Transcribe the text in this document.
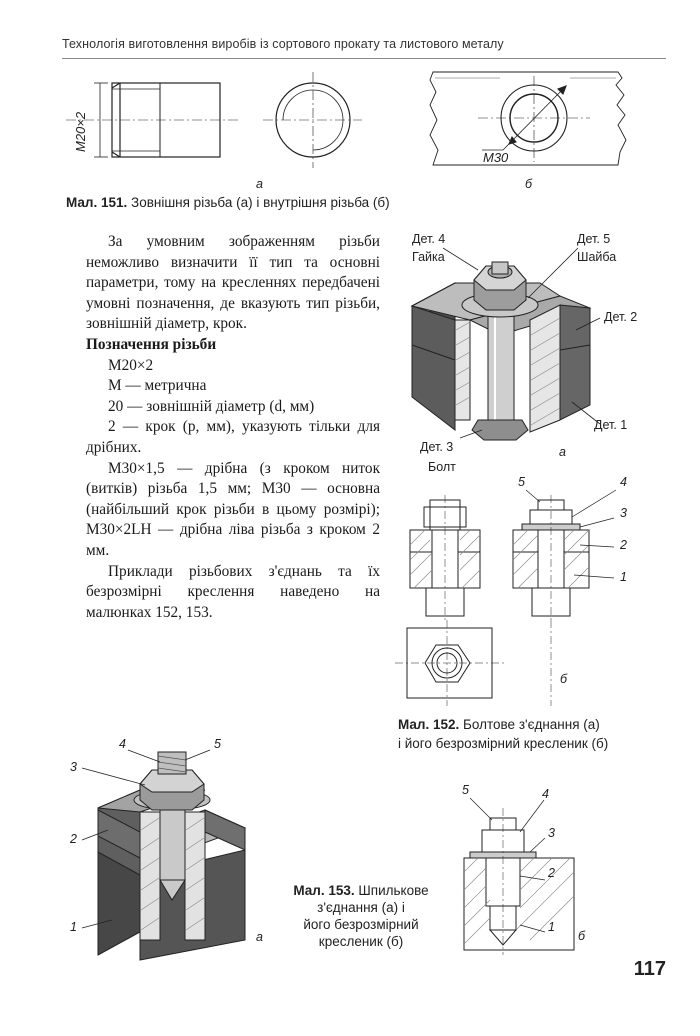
Технологія виготовлення виробів із сортового прокату та листового металу
M20×2
M30
а	б
Мал. 151. Зовнішня різьба (а) і внутрішня різьба (б)

За умовним зображенням різьби неможливо визначити її тип та основні параметри, тому на кресленнях передбачені умовні позначення, де вказують тип різьби, зовнішній діаметр, крок.

Позначення різьби

M20×2

M — метрична

20 — зовнішній діаметр (d, мм)

2 — крок (p, мм), указують тільки для дрібних.

M30×1,5 — дрібна (з кроком ниток (витків) різьба 1,5 мм; M30 — основна (найбільший крок різьби в цьому розмірі); M30×2LH — дрібна ліва різьба з кроком 2 мм.

Приклади різьбових з'єднань та їх безрозмірні креслення наведено на малюнках 152, 153.

Дет. 4
Гайка
Дет. 5
Шайба
Дет. 2
Дет. 1
Дет. 3
Болт
а
5	4
3
2
1
б
Мал. 152. Болтове з'єднання (а)
і його безрозмірний кресленик (б)
4	5
3
2
1
а
5	4
3
2
1
б
Мал. 153. Шпилькове
з'єднання (а) і
його безрозмірний
кресленик (б)
117
